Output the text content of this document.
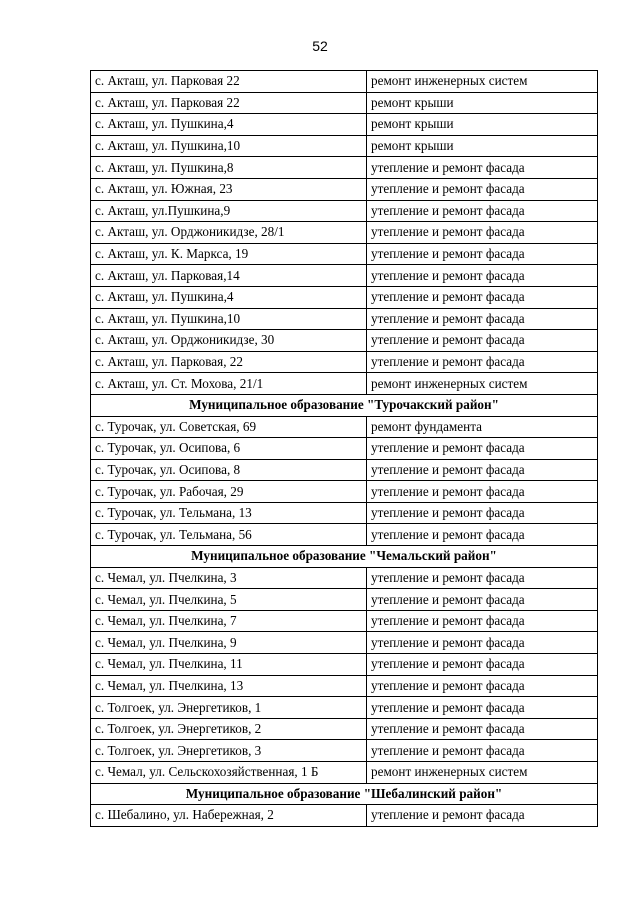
52
с. Акташ, ул. Парковая 22	ремонт инженерных систем
с. Акташ, ул. Парковая 22	ремонт крыши
с. Акташ, ул. Пушкина,4	ремонт крыши
с. Акташ, ул. Пушкина,10	ремонт крыши
с. Акташ, ул. Пушкина,8	утепление и ремонт фасада
с. Акташ, ул. Южная, 23	утепление и ремонт фасада
с. Акташ, ул.Пушкина,9	утепление и ремонт фасада
с. Акташ, ул. Орджоникидзе, 28/1	утепление и ремонт фасада
с. Акташ, ул. К. Маркса, 19	утепление и ремонт фасада
с. Акташ, ул. Парковая,14	утепление и ремонт фасада
с. Акташ, ул. Пушкина,4	утепление и ремонт фасада
с. Акташ, ул. Пушкина,10	утепление и ремонт фасада
с. Акташ, ул. Орджоникидзе, 30	утепление и ремонт фасада
с. Акташ, ул. Парковая, 22	утепление и ремонт фасада
с. Акташ, ул. Ст. Мохова, 21/1	ремонт инженерных систем
Муниципальное образование "Турочакский район"	
с. Турочак, ул. Советская, 69	ремонт фундамента
с. Турочак, ул. Осипова, 6	утепление и ремонт фасада
с. Турочак, ул. Осипова, 8	утепление и ремонт фасада
с. Турочак, ул. Рабочая, 29	утепление и ремонт фасада
с. Турочак, ул. Тельмана, 13	утепление и ремонт фасада
с. Турочак, ул. Тельмана, 56	утепление и ремонт фасада
Муниципальное образование "Чемальский район"	
с. Чемал, ул. Пчелкина, 3	утепление и ремонт фасада
с. Чемал, ул. Пчелкина, 5	утепление и ремонт фасада
с. Чемал, ул. Пчелкина, 7	утепление и ремонт фасада
с. Чемал, ул. Пчелкина, 9	утепление и ремонт фасада
с. Чемал, ул. Пчелкина, 11	утепление и ремонт фасада
с. Чемал, ул. Пчелкина, 13	утепление и ремонт фасада
с. Толгоек, ул. Энергетиков, 1	утепление и ремонт фасада
с. Толгоек, ул. Энергетиков, 2	утепление и ремонт фасада
с. Толгоек, ул. Энергетиков, 3	утепление и ремонт фасада
с. Чемал, ул. Сельскохозяйственная, 1 Б	ремонт инженерных систем
Муниципальное образование "Шебалинский район"	
с. Шебалино, ул. Набережная, 2	утепление и ремонт фасада
